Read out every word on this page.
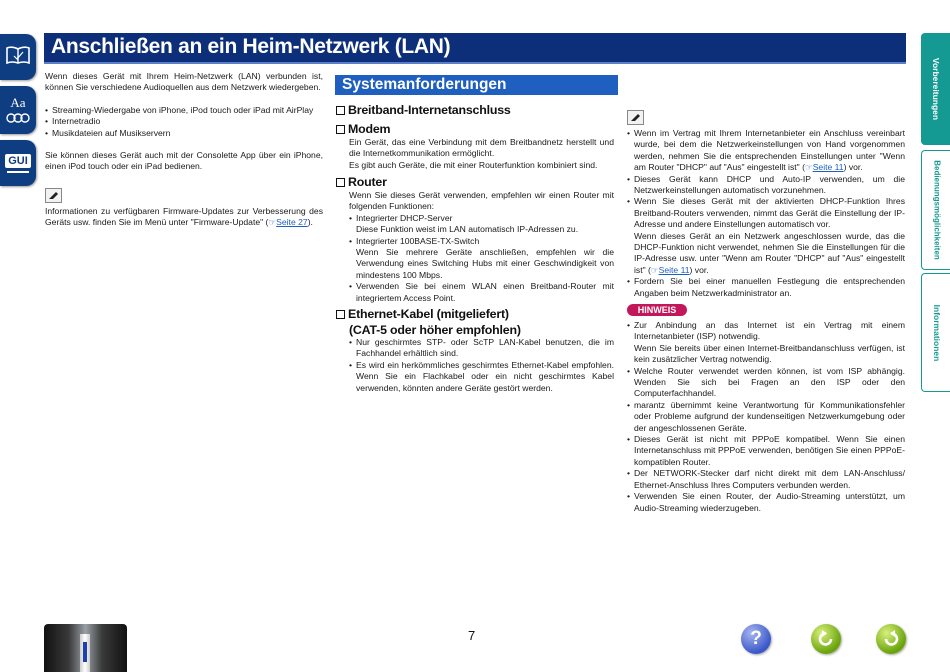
Aa
GUI
Anschließen an ein Heim-Netzwerk (LAN)
Wenn dieses Gerät mit Ihrem Heim-Netzwerk (LAN) verbunden ist, können Sie verschiedene Audioquellen aus dem Netzwerk wiedergeben.
• Streaming-Wiedergabe von iPhone, iPod touch oder iPad mit AirPlay
• Internetradio
• Musikdateien auf Musikservern
Sie können dieses Gerät auch mit der Consolette App über ein iPhone, einen iPod touch oder ein iPad bedienen.
Informationen zu verfügbaren Firmware-Updates zur Verbesserung des Geräts usw. finden Sie im Menü unter "Firmware-Update" (☞Seite 27).
Systemanforderungen
Breitband-Internetanschluss
Modem
Ein Gerät, das eine Verbindung mit dem Breitbandnetz herstellt und die Internetkommunikation ermöglicht.
Es gibt auch Geräte, die mit einer Routerfunktion kombiniert sind.
Router
Wenn Sie dieses Gerät verwenden, empfehlen wir einen Router mit folgenden Funktionen:
• Integrierter DHCP-Server
Diese Funktion weist im LAN automatisch IP-Adressen zu.
• Integrierter 100BASE-TX-Switch
Wenn Sie mehrere Geräte anschließen, empfehlen wir die Verwendung eines Switching Hubs mit einer Geschwindigkeit von mindestens 100 Mbps.
• Verwenden Sie bei einem WLAN einen Breitband-Router mit integriertem Access Point.
Ethernet-Kabel (mitgeliefert)
(CAT-5 oder höher empfohlen)
• Nur geschirmtes STP- oder ScTP LAN-Kabel benutzen, die im Fachhandel erhältlich sind.
• Es wird ein herkömmliches geschirmtes Ethernet-Kabel empfohlen. Wenn Sie ein Flachkabel oder ein nicht geschirmtes Kabel verwenden, könnten andere Geräte gestört werden.
• Wenn im Vertrag mit Ihrem Internetanbieter ein Anschluss vereinbart wurde, bei dem die Netzwerkeinstellungen von Hand vorgenommen werden, nehmen Sie die entsprechenden Einstellungen unter "Wenn am Router "DHCP" auf "Aus" eingestellt ist" (☞Seite 11) vor.
• Dieses Gerät kann DHCP und Auto-IP verwenden, um die Netzwerkeinstellungen automatisch vorzunehmen.
• Wenn Sie dieses Gerät mit der aktivierten DHCP-Funktion Ihres Breitband-Routers verwenden, nimmt das Gerät die Einstellung der IP-Adresse und andere Einstellungen automatisch vor.
Wenn dieses Gerät an ein Netzwerk angeschlossen wurde, das die DHCP-Funktion nicht verwendet, nehmen Sie die Einstellungen für die IP-Adresse usw. unter "Wenn am Router "DHCP" auf "Aus" eingestellt ist" (☞Seite 11) vor.
• Fordern Sie bei einer manuellen Festlegung die entsprechenden Angaben beim Netzwerkadministrator an.
HINWEIS
• Zur Anbindung an das Internet ist ein Vertrag mit einem Internetanbieter (ISP) notwendig.
Wenn Sie bereits über einen Internet-Breitbandanschluss verfügen, ist kein zusätzlicher Vertrag notwendig.
• Welche Router verwendet werden können, ist vom ISP abhängig. Wenden Sie sich bei Fragen an den ISP oder den Computerfachhandel.
• marantz übernimmt keine Verantwortung für Kommunikationsfehler oder Probleme aufgrund der kundenseitigen Netzwerkumgebung oder der angeschlossenen Geräte.
• Dieses Gerät ist nicht mit PPPoE kompatibel. Wenn Sie einen Internetanschluss mit PPPoE verwenden, benötigen Sie einen PPPoE-kompatiblen Router.
• Der NETWORK-Stecker darf nicht direkt mit dem LAN-Anschluss/ Ethernet-Anschluss Ihres Computers verbunden werden.
• Verwenden Sie einen Router, der Audio-Streaming unterstützt, um Audio-Streaming wiederzugeben.
Vorbereitungen
Bedienungsmöglichkeiten
Informationen
7	?
